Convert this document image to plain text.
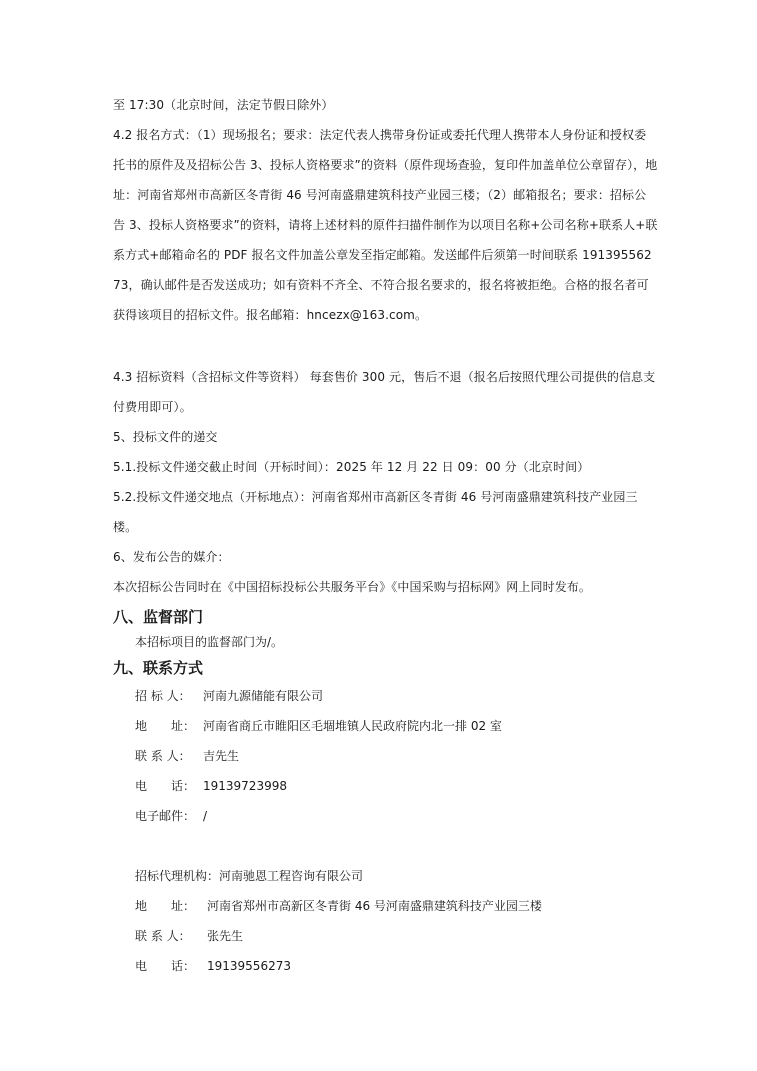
至 17:30（北京时间，法定节假日除外）

4.2 报名方式：（1）现场报名；要求：法定代表人携带身份证或委托代理人携带本人身份证和授权委托书的原件及及招标公告 3、投标人资格要求”的资料（原件现场查验，复印件加盖单位公章留存），地址：河南省郑州市高新区冬青街 46 号河南盛鼎建筑科技产业园三楼；（2）邮箱报名；要求：招标公告 3、投标人资格要求”的资料，请将上述材料的原件扫描件制作为以项目名称+公司名称+联系人+联系方式+邮箱命名的 PDF 报名文件加盖公章发至指定邮箱。发送邮件后须第一时间联系 19139556273，确认邮件是否发送成功；如有资料不齐全、不符合报名要求的，报名将被拒绝。合格的报名者可获得该项目的招标文件。报名邮箱：hncezx@163.com。

4.3 招标资料（含招标文件等资料） 每套售价 300 元，售后不退（报名后按照代理公司提供的信息支付费用即可）。

5、投标文件的递交

5.1.投标文件递交截止时间（开标时间）：2025 年 12 月 22 日 09：00 分（北京时间）

5.2.投标文件递交地点（开标地点）：河南省郑州市高新区冬青街 46 号河南盛鼎建筑科技产业园三楼。

6、发布公告的媒介：

本次招标公告同时在《中国招标投标公共服务平台》《中国采购与招标网》网上同时发布。

八、监督部门

本招标项目的监督部门为/。

九、联系方式

招 标 人： 河南九源储能有限公司

地　　址： 河南省商丘市睢阳区毛堌堆镇人民政府院内北一排 02 室

联 系 人： 吉先生

电　　话： 19139723998

电子邮件： /

招标代理机构：河南驰恩工程咨询有限公司

地　　址： 河南省郑州市高新区冬青街 46 号河南盛鼎建筑科技产业园三楼

联 系 人： 张先生

电　　话： 19139556273
